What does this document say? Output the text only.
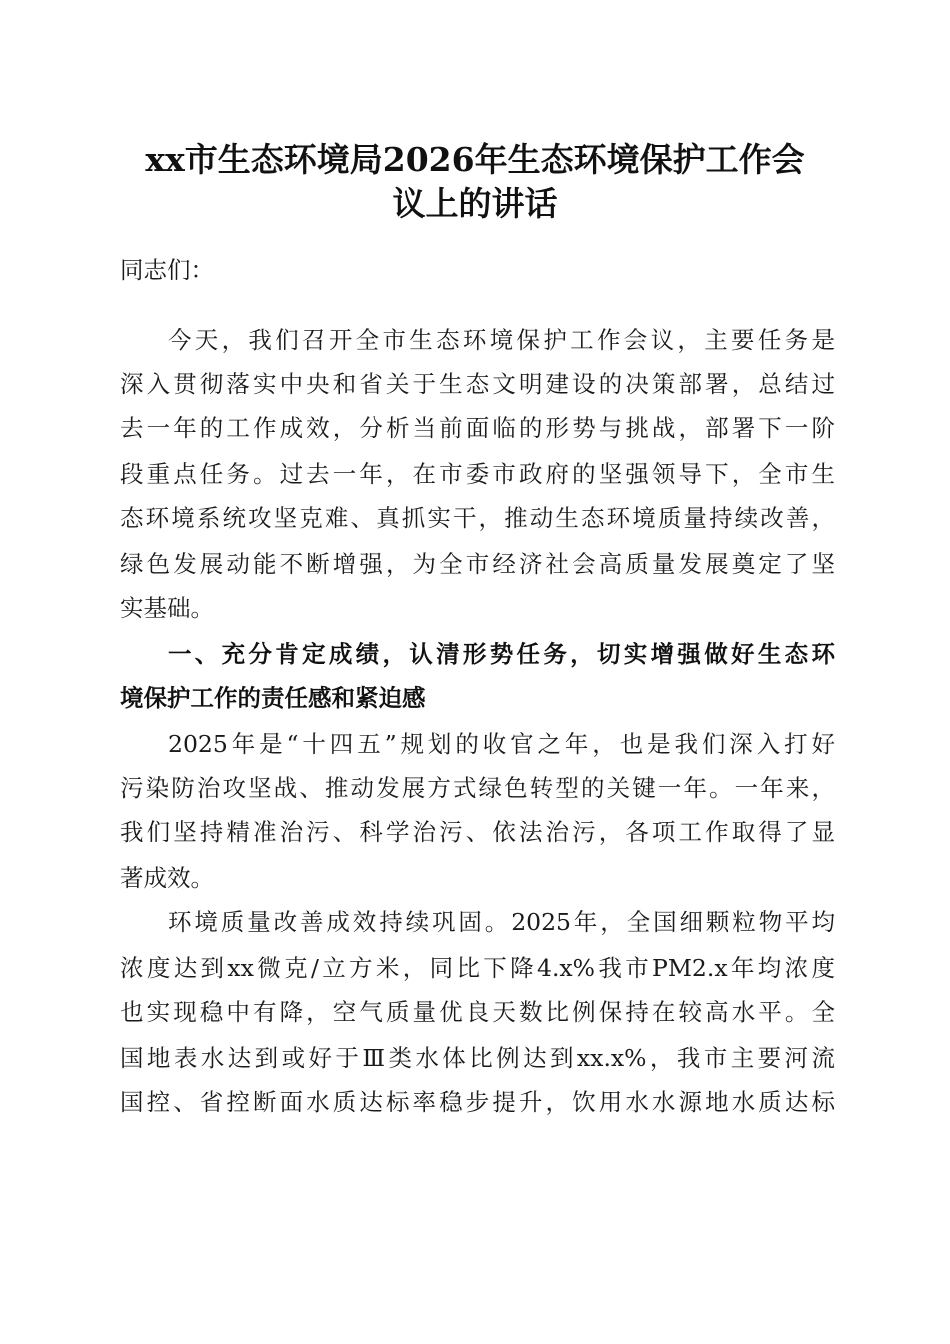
xx市生态环境局2026年生态环境保护工作会
议上的讲话
同志们：
今天，我们召开全市生态环境保护工作会议，主要任务是
深入贯彻落实中央和省关于生态文明建设的决策部署，总结过
去一年的工作成效，分析当前面临的形势与挑战，部署下一阶
段重点任务。过去一年，在市委市政府的坚强领导下，全市生
态环境系统攻坚克难、真抓实干，推动生态环境质量持续改善，
绿色发展动能不断增强，为全市经济社会高质量发展奠定了坚
实基础。
一、充分肯定成绩，认清形势任务，切实增强做好生态环
境保护工作的责任感和紧迫感
2025年是“十四五”规划的收官之年，也是我们深入打好
污染防治攻坚战、推动发展方式绿色转型的关键一年。一年来，
我们坚持精准治污、科学治污、依法治污，各项工作取得了显
著成效。
环境质量改善成效持续巩固。2025年，全国细颗粒物平均
浓度达到xx微克/立方米，同比下降4.x%我市PM2.x年均浓度
也实现稳中有降，空气质量优良天数比例保持在较高水平。全
国地表水达到或好于Ⅲ类水体比例达到xx.x%，我市主要河流
国控、省控断面水质达标率稳步提升，饮用水水源地水质达标
